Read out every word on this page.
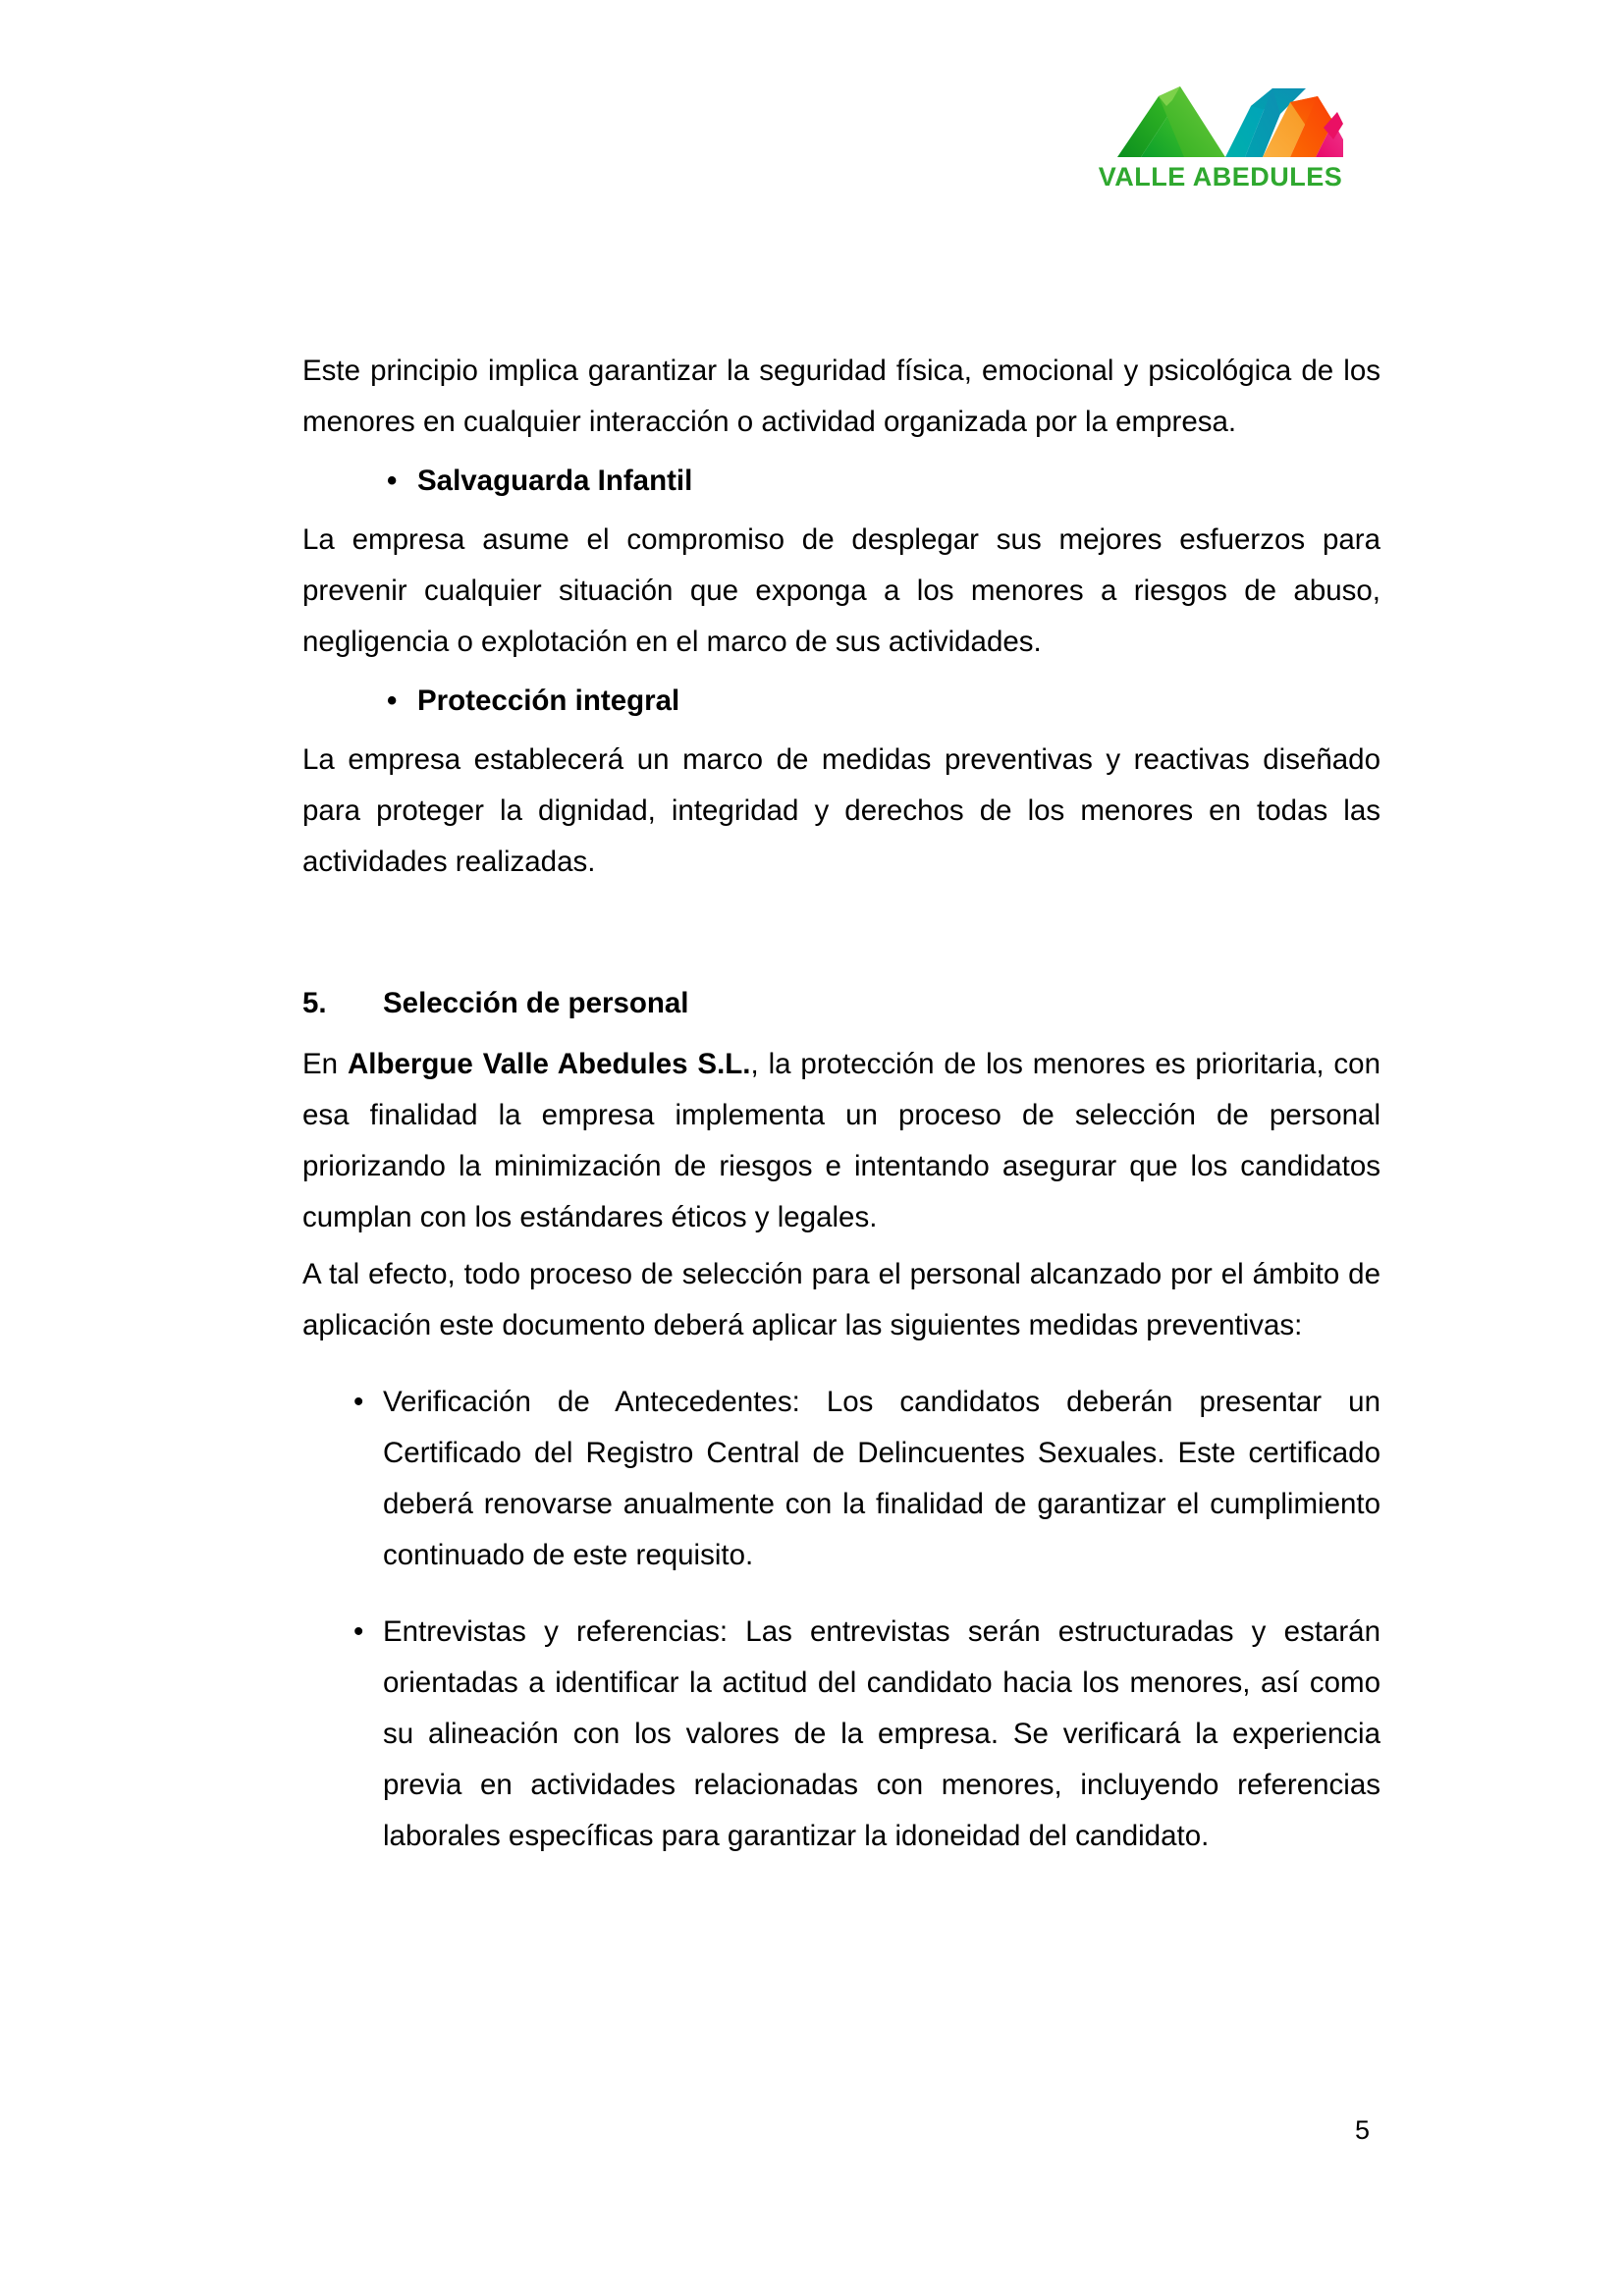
VALLE ABEDULES

Este principio implica garantizar la seguridad física, emocional y psicológica de los menores en cualquier interacción o actividad organizada por la empresa.

• Salvaguarda Infantil

La empresa asume el compromiso de desplegar sus mejores esfuerzos para prevenir cualquier situación que exponga a los menores a riesgos de abuso, negligencia o explotación en el marco de sus actividades.

• Protección integral

La empresa establecerá un marco de medidas preventivas y reactivas diseñado para proteger la dignidad, integridad y derechos de los menores en todas las actividades realizadas.

5.	Selección de personal

En Albergue Valle Abedules S.L., la protección de los menores es prioritaria, con esa finalidad la empresa implementa un proceso de selección de personal priorizando la minimización de riesgos e intentando asegurar que los candidatos cumplan con los estándares éticos y legales.

A tal efecto, todo proceso de selección para el personal alcanzado por el ámbito de aplicación este documento deberá aplicar las siguientes medidas preventivas:

• Verificación de Antecedentes: Los candidatos deberán presentar un Certificado del Registro Central de Delincuentes Sexuales. Este certificado deberá renovarse anualmente con la finalidad de garantizar el cumplimiento continuado de este requisito.
• Entrevistas y referencias: Las entrevistas serán estructuradas y estarán orientadas a identificar la actitud del candidato hacia los menores, así como su alineación con los valores de la empresa. Se verificará la experiencia previa en actividades relacionadas con menores, incluyendo referencias laborales específicas para garantizar la idoneidad del candidato.
5
